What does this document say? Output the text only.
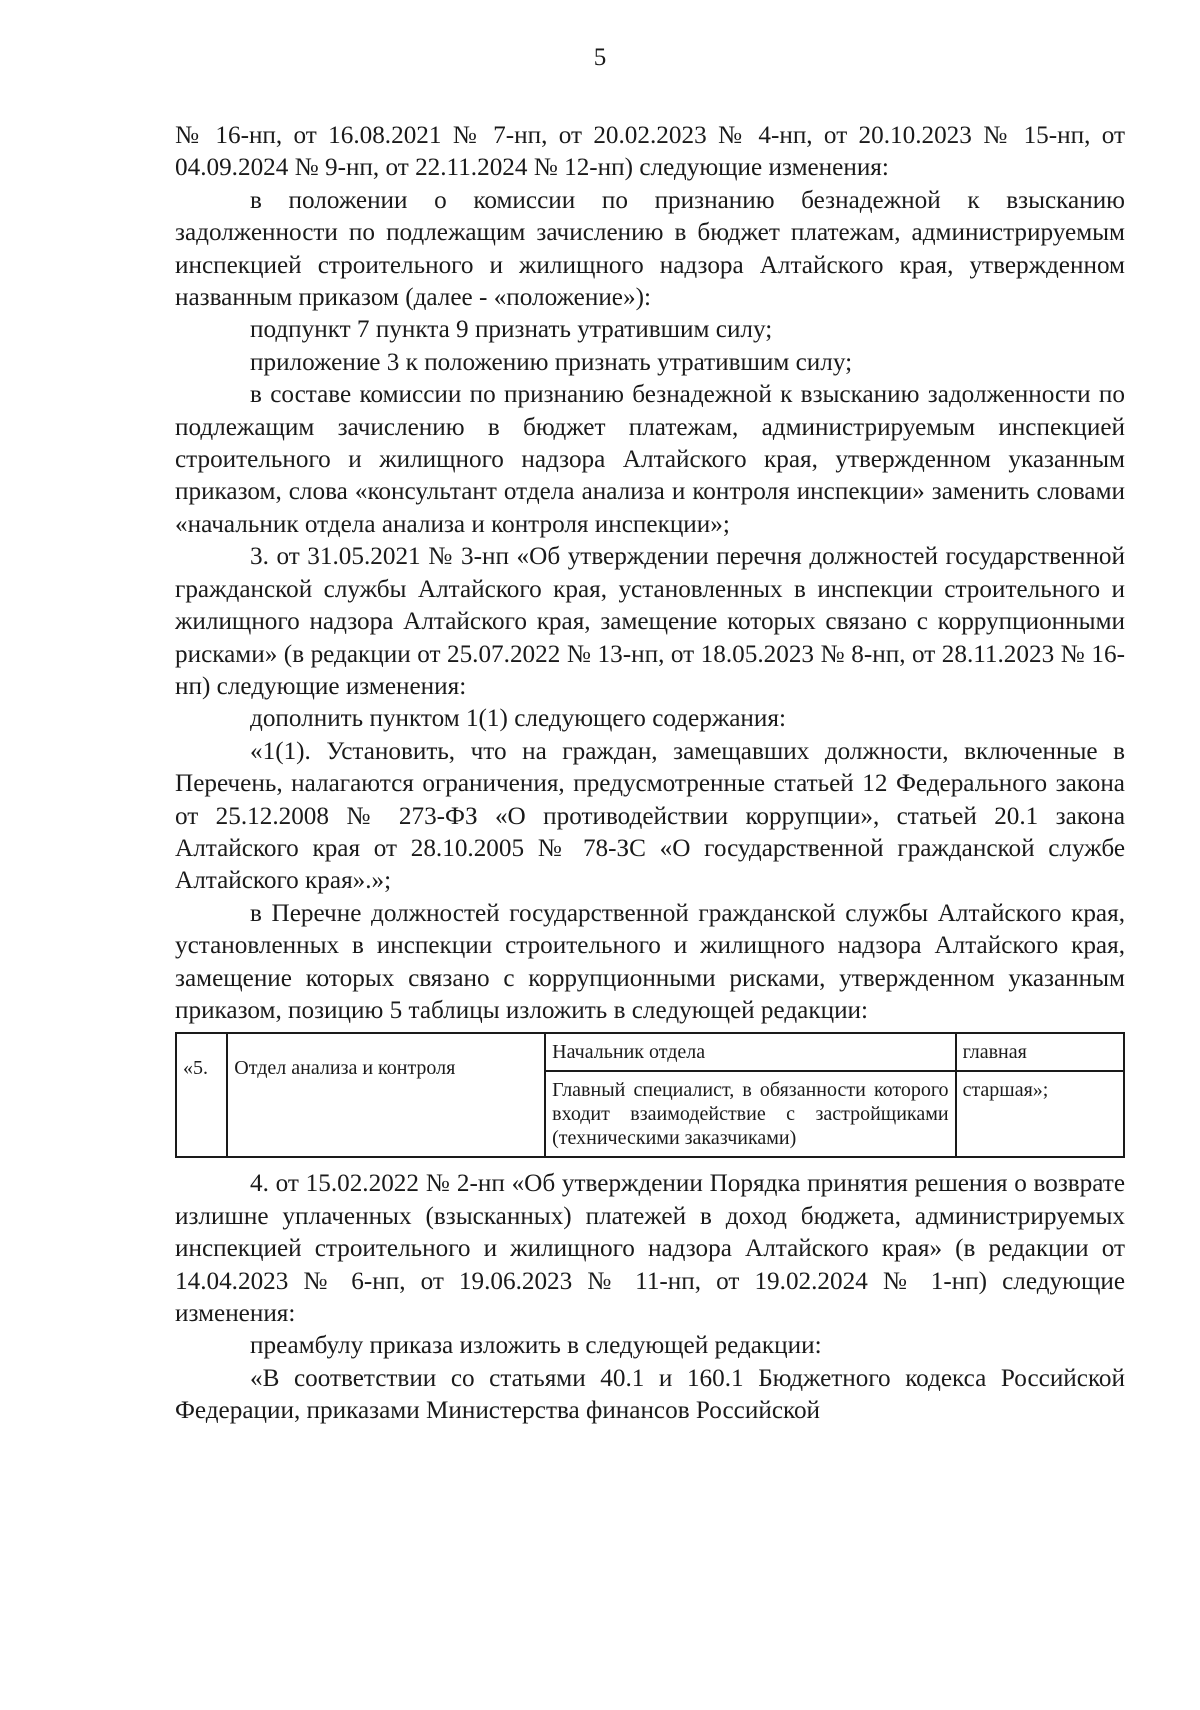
5

№ 16-нп, от 16.08.2021 № 7-нп, от 20.02.2023 № 4-нп, от 20.10.2023 № 15-нп, от 04.09.2024 № 9-нп, от 22.11.2024 № 12-нп) следующие изменения:

в положении о комиссии по признанию безнадежной к взысканию задолженности по подлежащим зачислению в бюджет платежам, администрируемым инспекцией строительного и жилищного надзора Алтайского края, утвержденном названным приказом (далее - «положение»):

подпункт 7 пункта 9 признать утратившим силу;

приложение 3 к положению признать утратившим силу;

в составе комиссии по признанию безнадежной к взысканию задолженности по подлежащим зачислению в бюджет платежам, администрируемым инспекцией строительного и жилищного надзора Алтайского края, утвержденном указанным приказом, слова «консультант отдела анализа и контроля инспекции» заменить словами «начальник отдела анализа и контроля инспекции»;

3. от 31.05.2021 № 3-нп «Об утверждении перечня должностей государственной гражданской службы Алтайского края, установленных в инспекции строительного и жилищного надзора Алтайского края, замещение которых связано с коррупционными рисками» (в редакции от 25.07.2022 № 13-нп, от 18.05.2023 № 8-нп, от 28.11.2023 № 16-нп) следующие изменения:

дополнить пунктом 1(1) следующего содержания:

«1(1). Установить, что на граждан, замещавших должности, включенные в Перечень, налагаются ограничения, предусмотренные статьей 12 Федерального закона от 25.12.2008 № 273-ФЗ «О противодействии коррупции», статьей 20.1 закона Алтайского края от 28.10.2005 № 78-ЗС «О государственной гражданской службе Алтайского края».»;

в Перечне должностей государственной гражданской службы Алтайского края, установленных в инспекции строительного и жилищного надзора Алтайского края, замещение которых связано с коррупционными рисками, утвержденном указанным приказом, позицию 5 таблицы изложить в следующей редакции:

«5.	Отдел анализа и контроля	Начальник отдела	главная
		Главный специалист, в обязанности которого входит взаимодействие с застройщиками (техническими заказчиками)	старшая»;

4. от 15.02.2022 № 2-нп «Об утверждении Порядка принятия решения о возврате излишне уплаченных (взысканных) платежей в доход бюджета, администрируемых инспекцией строительного и жилищного надзора Алтайского края» (в редакции от 14.04.2023 № 6-нп, от 19.06.2023 № 11-нп, от 19.02.2024 № 1-нп) следующие изменения:

преамбулу приказа изложить в следующей редакции:

«В соответствии со статьями 40.1 и 160.1 Бюджетного кодекса Российской Федерации, приказами Министерства финансов Российской
